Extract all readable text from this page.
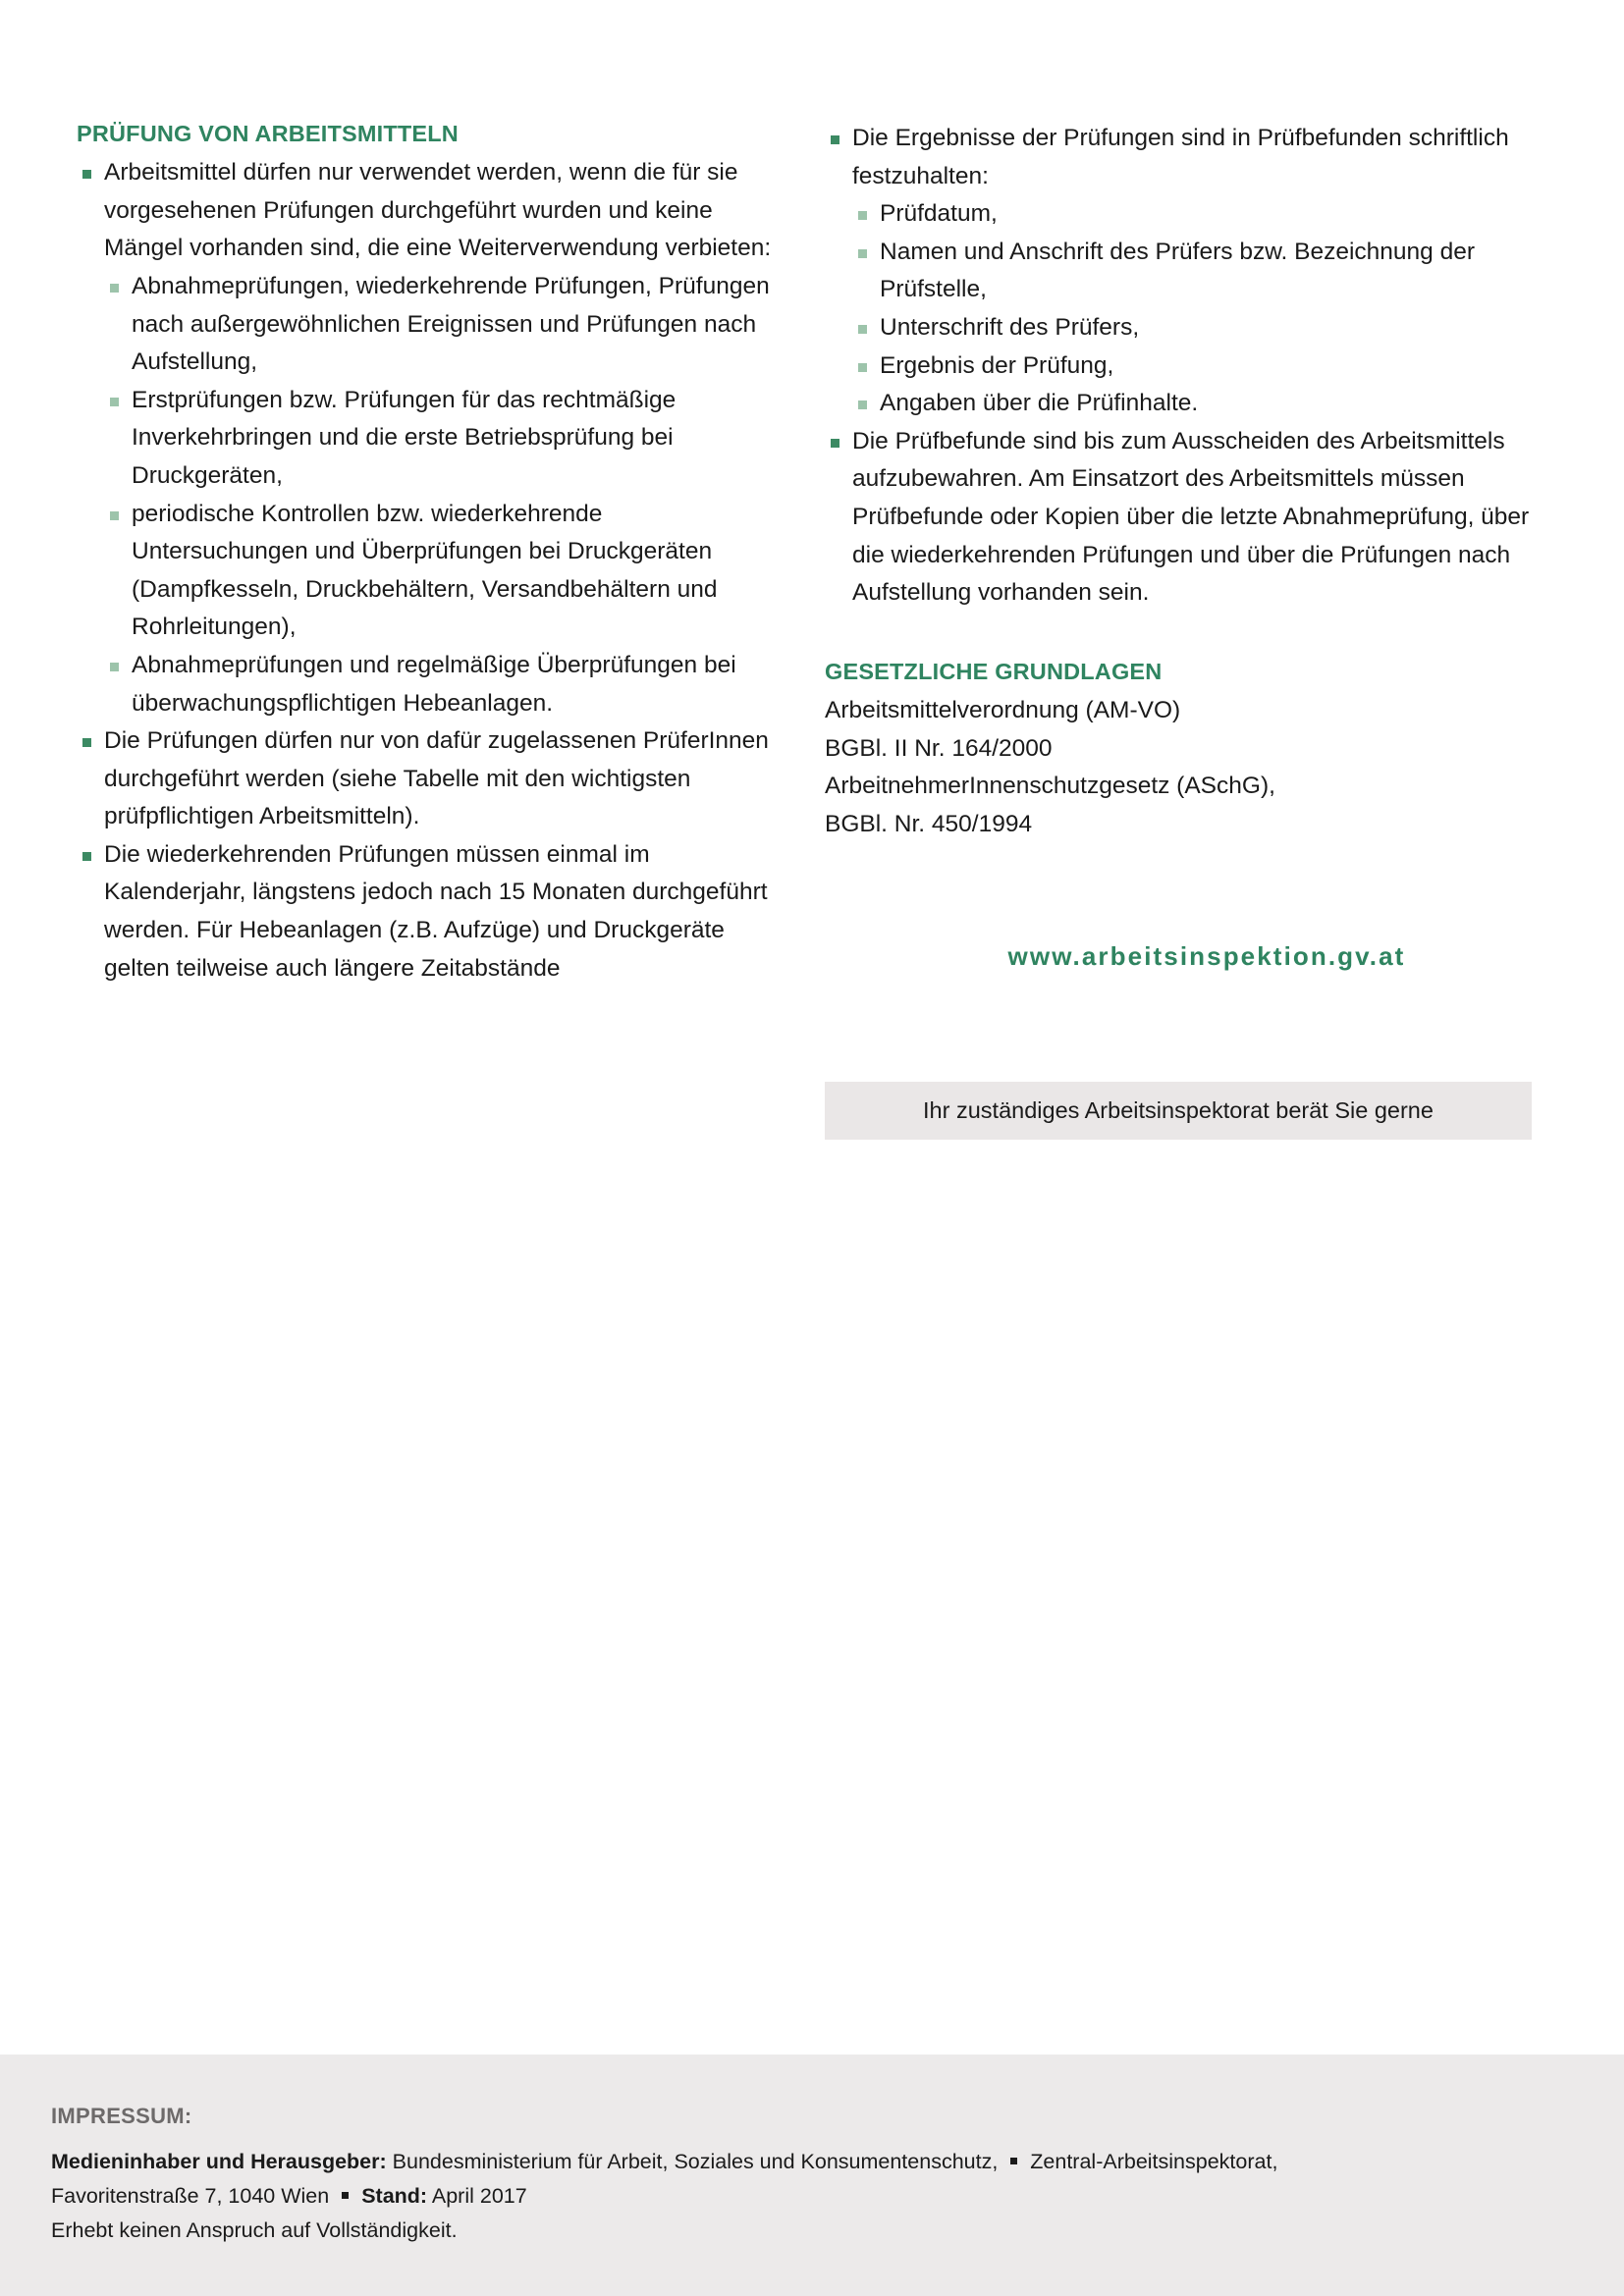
PRÜFUNG VON ARBEITSMITTELN
Arbeitsmittel dürfen nur verwendet werden, wenn die für sie vorgesehenen Prüfungen durchgeführt wurden und keine Mängel vorhanden sind, die eine Weiterverwendung verbieten:
Abnahmeprüfungen, wiederkehrende Prüfungen, Prüfungen nach außergewöhnlichen Ereignissen und Prüfungen nach Aufstellung,
Erstprüfungen bzw. Prüfungen für das rechtmäßige Inverkehrbringen und die erste Betriebsprüfung bei Druckgeräten,
periodische Kontrollen bzw. wiederkehrende Untersuchungen und Überprüfungen bei Druckgeräten (Dampfkesseln, Druckbehältern, Versandbehältern und Rohrleitungen),
Abnahmeprüfungen und regelmäßige Überprüfungen bei überwachungspflichtigen Hebeanlagen.
Die Prüfungen dürfen nur von dafür zugelassenen PrüferInnen durchgeführt werden (siehe Tabelle mit den wichtigsten prüfpflichtigen Arbeitsmitteln).
Die wiederkehrenden Prüfungen müssen einmal im Kalenderjahr, längstens jedoch nach 15 Monaten durchgeführt werden. Für Hebeanlagen (z.B. Aufzüge) und Druckgeräte gelten teilweise auch längere Zeitabstände
Die Ergebnisse der Prüfungen sind in Prüfbefunden schriftlich festzuhalten:
Prüfdatum,
Namen und Anschrift des Prüfers bzw. Bezeichnung der Prüfstelle,
Unterschrift des Prüfers,
Ergebnis der Prüfung,
Angaben über die Prüfinhalte.
Die Prüfbefunde sind bis zum Ausscheiden des Arbeitsmittels aufzubewahren. Am Einsatzort des Arbeitsmittels müssen Prüfbefunde oder Kopien über die letzte Abnahmeprüfung, über die wiederkehrenden Prüfungen und über die Prüfungen nach Aufstellung vorhanden sein.
GESETZLICHE GRUNDLAGEN
Arbeitsmittelverordnung (AM-VO)
BGBl. II Nr. 164/2000
ArbeitnehmerInnenschutzgesetz (ASchG),
BGBl. Nr. 450/1994
www.arbeitsinspektion.gv.at
Ihr zuständiges Arbeitsinspektorat berät Sie gerne
IMPRESSUM:
Medieninhaber und Herausgeber: Bundesministerium für Arbeit, Soziales und Konsumentenschutz, Zentral-Arbeitsinspektorat,
Favoritenstraße 7, 1040 Wien Stand: April 2017
Erhebt keinen Anspruch auf Vollständigkeit.
